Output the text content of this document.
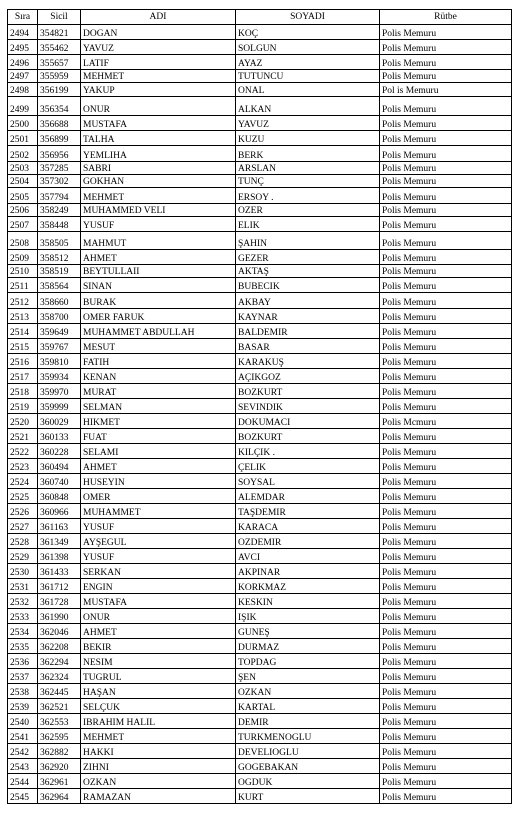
Sıra	Sicil	ADI	SOYADI	Rütbe
2494	354821	DOGAN	KOÇ	Polis Memuru
2495	355462	YAVUZ	SOLGUN	Polis Memuru
2496	355657	LATIF	AYAZ	Polis Memuru
2497	355959	MEHMET	TUTUNCU	Polis Memuru
2498	356199	YAKUP	ONAL	Pol is Memuru
2499	356354	ONUR	ALKAN	Polis Memuru
2500	356688	MUSTAFA	YAVUZ	Polis Memuru
2501	356899	TALHA	KUZU	Polis Memuru
2502	356956	YEMLIHA	BERK	Polis Memuru
2503	357285	SABRI	ARSLAN	Polis Memuru
2504	357302	GOKHAN	TUNÇ	Polis Memuru
2505	357794	MEHMET	ERSOY .	Polis Memuru
2506	358249	MUHAMMED VELI	OZER	Polis Memuru
2507	358448	YUSUF	ELIK	Polis Memuru
2508	358505	MAHMUT	ŞAHIN	Polis Memuru
2509	358512	AHMET	GEZER	Polis Memuru
2510	358519	BEYTULLAII	AKTAŞ	Polis Memuru
2511	358564	SINAN	BUBECIK	Polis Memuru
2512	358660	BURAK	AKBAY	Polis Memuru
2513	358700	OMER FARUK	KAYNAR	Polis Memuru
2514	359649	MUHAMMET ABDULLAH	BALDEMIR	Polis Memuru
2515	359767	MESUT	BASAR	Polis Memuru
2516	359810	FATIH	KARAKUŞ	Polis Memuru
2517	359934	KENAN	AÇIKGOZ	Polis Memuru
2518	359970	MURAT	BOZKURT	Polis Memuru
2519	359999	SELMAN	SEVINDIK	Polis Memuru
2520	360029	HIKMET	DOKUMACI	Polis Mcmuru
2521	360133	FUAT	BOZKURT	Polis Memuru
2522	360228	SELAMI	KILÇIK .	Polis Memuru
2523	360494	AHMET	ÇELIK	Polis Memuru
2524	360740	HUSEYIN	SOYSAL	Polis Memuru
2525	360848	OMER	ALEMDAR	Polis Memuru
2526	360966	MUHAMMET	TAŞDEMIR	Polis Memuru
2527	361163	YUSUF	KARACA	Polis Memuru
2528	361349	AYŞEGUL	OZDEMIR	Polis Memuru
2529	361398	YUSUF	AVCI	Polis Memuru
2530	361433	SERKAN	AKPINAR	Polis Memuru
2531	361712	ENGIN	KORKMAZ	Polis Memuru
2532	361728	MUSTAFA	KESKIN	Polis Memuru
2533	361990	ONUR	IŞIK	Polis Memuru
2534	362046	AHMET	GUNEŞ	Polis Memuru
2535	362208	BEKIR	DURMAZ	Polis Memuru
2536	362294	NESIM	TOPDAG	Polis Memuru
2537	362324	TUGRUL	ŞEN	Polis Memuru
2538	362445	HAŞAN	OZKAN	Polis Memuru
2539	362521	SELÇUK	KARTAL	Polis Memuru
2540	362553	IBRAHIM HALIL	DEMIR	Polis Memuru
2541	362595	MEHMET	TURKMENOGLU	Polis Memuru
2542	362882	HAKKI	DEVELIOGLU	Polis Memuru
2543	362920	ZIHNI	GOGEBAKAN	Polis Memuru
2544	362961	OZKAN	OGDUK	Polis Memuru
2545	362964	RAMAZAN	KURT	Polis Memuru
